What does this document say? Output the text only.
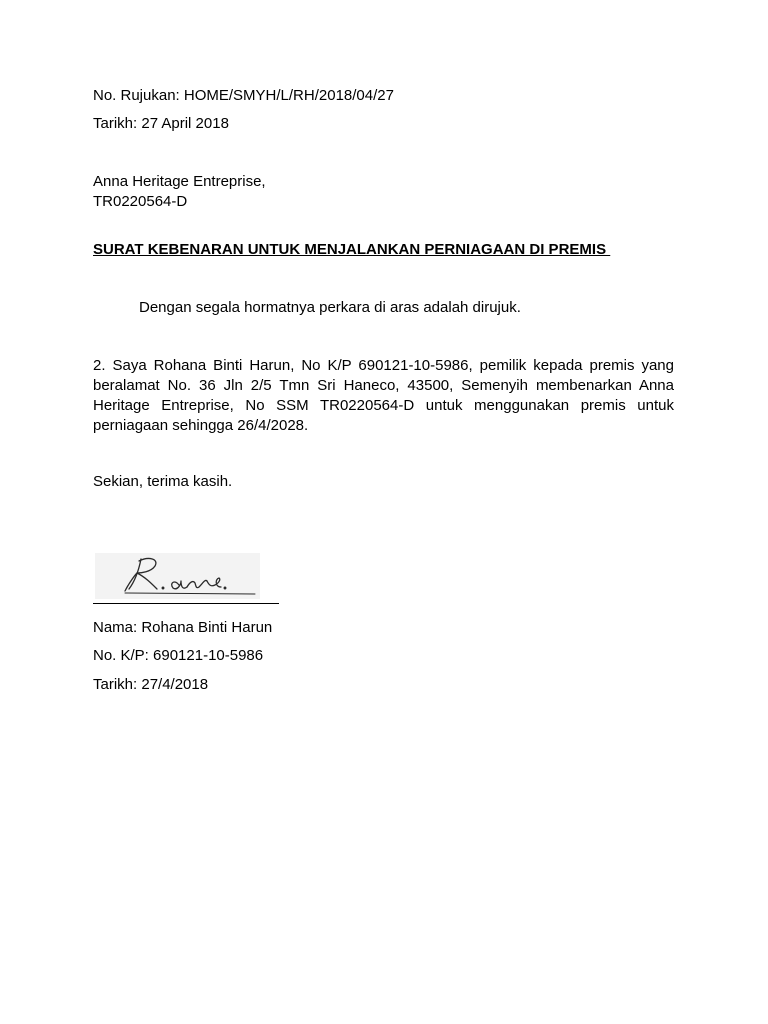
No. Rujukan: HOME/SMYH/L/RH/2018/04/27
Tarikh: 27 April 2018
Anna Heritage Entreprise,
TR0220564-D
SURAT KEBENARAN UNTUK MENJALANKAN PERNIAGAAN DI PREMIS
Dengan segala hormatnya perkara di aras adalah dirujuk.
2. Saya Rohana Binti Harun, No K/P 690121-10-5986, pemilik kepada premis yang beralamat No. 36 Jln 2/5 Tmn Sri Haneco, 43500, Semenyih membenarkan Anna Heritage Entreprise, No SSM TR0220564-D untuk menggunakan premis untuk perniagaan sehingga 26/4/2028.
Sekian, terima kasih.
Nama: Rohana Binti Harun
No. K/P: 690121-10-5986
Tarikh: 27/4/2018
